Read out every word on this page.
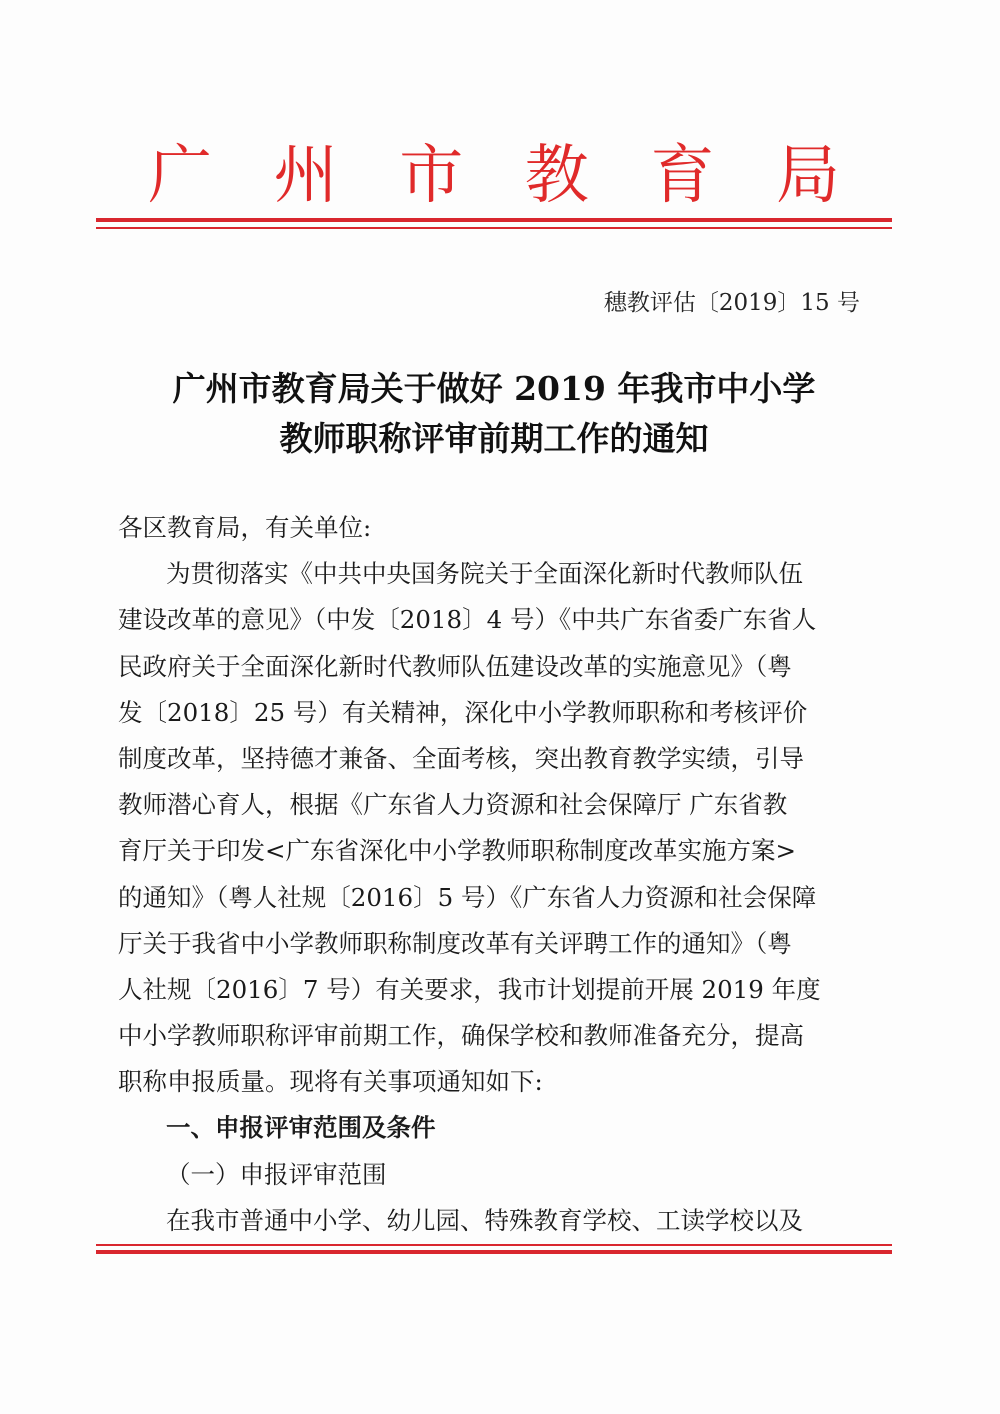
广 州 市 教 育 局
穗教评估〔2019〕15 号
广州市教育局关于做好 2019 年我市中小学
教师职称评审前期工作的通知
各区教育局，有关单位:
为贯彻落实《中共中央国务院关于全面深化新时代教师队伍
建设改革的意见》（中发〔2018〕4 号）《中共广东省委广东省人
民政府关于全面深化新时代教师队伍建设改革的实施意见》（粤
发〔2018〕25 号）有关精神，深化中小学教师职称和考核评价
制度改革，坚持德才兼备、全面考核，突出教育教学实绩，引导
教师潜心育人，根据《广东省人力资源和社会保障厅 广东省教
育厅关于印发<广东省深化中小学教师职称制度改革实施方案>
的通知》（粤人社规〔2016〕5 号）《广东省人力资源和社会保障
厅关于我省中小学教师职称制度改革有关评聘工作的通知》（粤
人社规〔2016〕7 号）有关要求，我市计划提前开展 2019 年度
中小学教师职称评审前期工作，确保学校和教师准备充分，提高
职称申报质量。现将有关事项通知如下:
一、申报评审范围及条件
（一）申报评审范围
在我市普通中小学、幼儿园、特殊教育学校、工读学校以及
